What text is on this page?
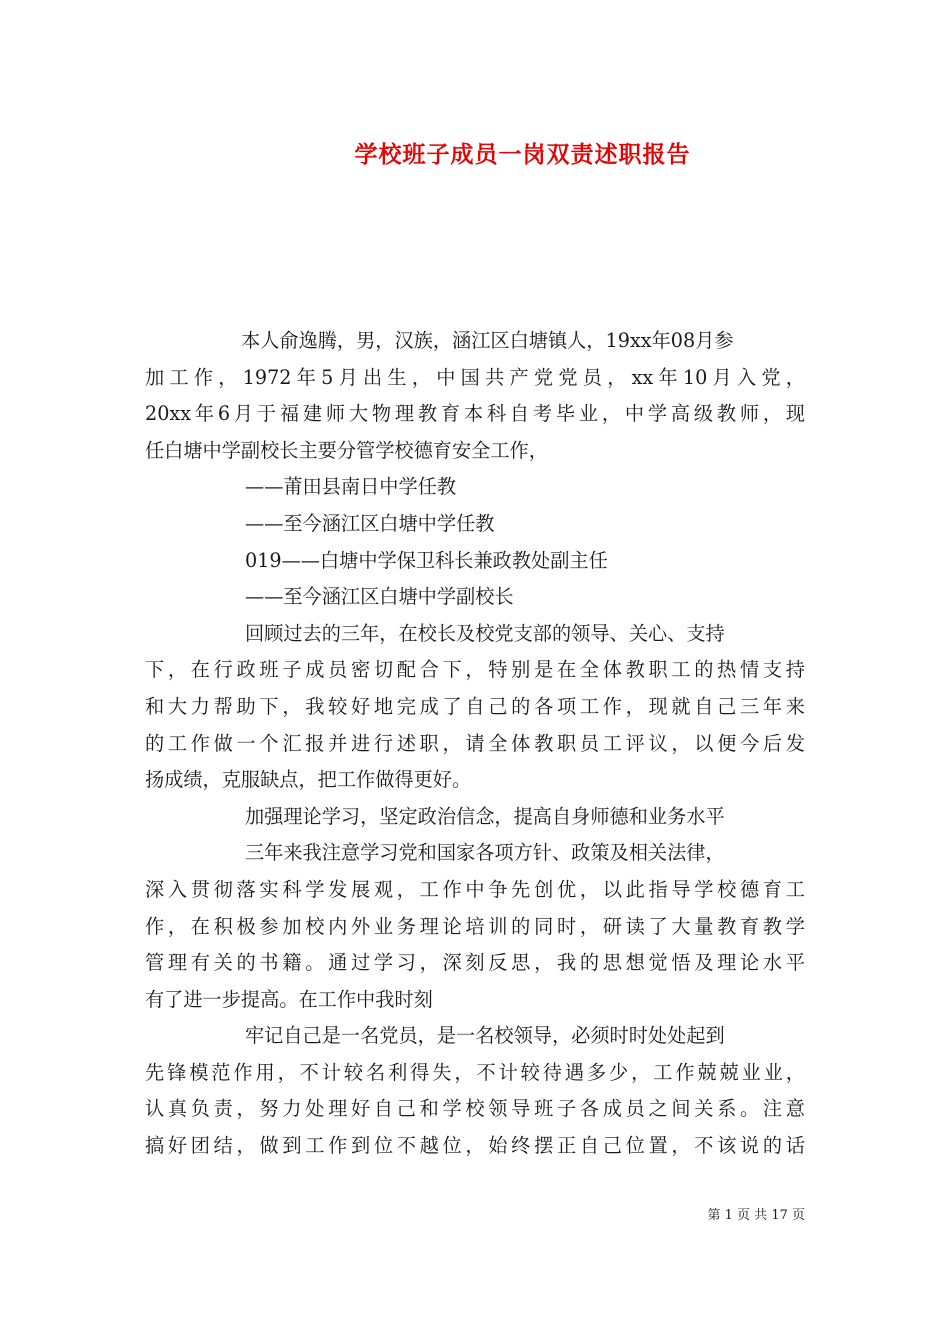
学校班子成员一岗双责述职报告
本人俞逸腾，男，汉族，涵江区白塘镇人，19xx年08月参
加工作，1972年5月出生，中国共产党党员，xx年10月入党，
20xx年6月于福建师大物理教育本科自考毕业，中学高级教师，现
任白塘中学副校长主要分管学校德育安全工作，
——莆田县南日中学任教
——至今涵江区白塘中学任教
019——白塘中学保卫科长兼政教处副主任
——至今涵江区白塘中学副校长
回顾过去的三年，在校长及校党支部的领导、关心、支持
下，在行政班子成员密切配合下，特别是在全体教职工的热情支持
和大力帮助下，我较好地完成了自己的各项工作，现就自己三年来
的工作做一个汇报并进行述职，请全体教职员工评议，以便今后发
扬成绩，克服缺点，把工作做得更好。
加强理论学习，坚定政治信念，提高自身师德和业务水平
三年来我注意学习党和国家各项方针、政策及相关法律，
深入贯彻落实科学发展观，工作中争先创优，以此指导学校德育工
作，在积极参加校内外业务理论培训的同时，研读了大量教育教学
管理有关的书籍。通过学习，深刻反思，我的思想觉悟及理论水平
有了进一步提高。在工作中我时刻
牢记自己是一名党员，是一名校领导，必须时时处处起到
先锋模范作用，不计较名利得失，不计较待遇多少，工作兢兢业业，
认真负责，努力处理好自己和学校领导班子各成员之间关系。注意
搞好团结，做到工作到位不越位，始终摆正自己位置，不该说的话
第 1 页 共 17 页
